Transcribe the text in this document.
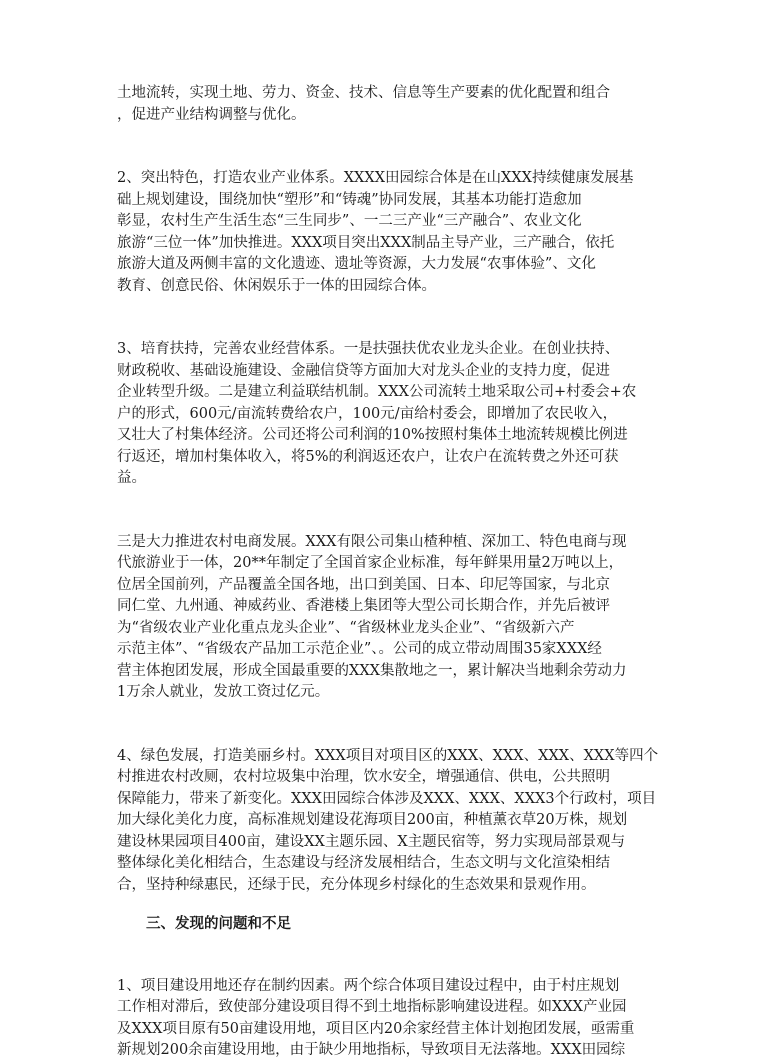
土地流转，实现土地、劳力、资金、技术、信息等生产要素的优化配置和组合
，促进产业结构调整与优化。
2、突出特色，打造农业产业体系。XXXX田园综合体是在山XXX持续健康发展基
础上规划建设，围绕加快“塑形”和“铸魂”协同发展，其基本功能打造愈加
彰显，农村生产生活生态“三生同步”、一二三产业“三产融合”、农业文化
旅游“三位一体”加快推进。XXX项目突出XXX制品主导产业，三产融合，依托
旅游大道及两侧丰富的文化遗迹、遗址等资源，大力发展“农事体验”、文化
教育、创意民俗、休闲娱乐于一体的田园综合体。
3、培育扶持，完善农业经营体系。一是扶强扶优农业龙头企业。在创业扶持、
财政税收、基础设施建设、金融信贷等方面加大对龙头企业的支持力度，促进
企业转型升级。二是建立利益联结机制。XXX公司流转土地采取公司+村委会+农
户的形式，600元/亩流转费给农户，100元/亩给村委会，即增加了农民收入，
又壮大了村集体经济。公司还将公司利润的10%按照村集体土地流转规模比例进
行返还，增加村集体收入，将5%的利润返还农户，让农户在流转费之外还可获
益。
三是大力推进农村电商发展。XXX有限公司集山楂种植、深加工、特色电商与现
代旅游业于一体，20**年制定了全国首家企业标准，每年鲜果用量2万吨以上，
位居全国前列，产品覆盖全国各地，出口到美国、日本、印尼等国家，与北京
同仁堂、九州通、神威药业、香港楼上集团等大型公司长期合作，并先后被评
为“省级农业产业化重点龙头企业”、“省级林业龙头企业”、“省级新六产
示范主体”、“省级农产品加工示范企业”、。公司的成立带动周围35家XXX经
营主体抱团发展，形成全国最重要的XXX集散地之一，累计解决当地剩余劳动力
1万余人就业，发放工资过亿元。
4、绿色发展，打造美丽乡村。XXX项目对项目区的XXX、XXX、XXX、XXX等四个
村推进农村改厕，农村垃圾集中治理，饮水安全，增强通信、供电，公共照明
保障能力，带来了新变化。XXX田园综合体涉及XXX、XXX、XXX3个行政村，项目
加大绿化美化力度，高标准规划建设花海项目200亩，种植薰衣草20万株，规划
建设林果园项目400亩，建设XX主题乐园、X主题民宿等，努力实现局部景观与
整体绿化美化相结合，生态建设与经济发展相结合，生态文明与文化渲染相结
合，坚持种绿惠民，还绿于民，充分体现乡村绿化的生态效果和景观作用。

三、发现的问题和不足

1、项目建设用地还存在制约因素。两个综合体项目建设过程中，由于村庄规划
工作相对滞后，致使部分建设项目得不到土地指标影响建设进程。如XXX产业园
及XXX项目原有50亩建设用地，项目区内20余家经营主体计划抱团发展，亟需重
新规划200余亩建设用地，由于缺少用地指标，导致项目无法落地。XXX田园综
